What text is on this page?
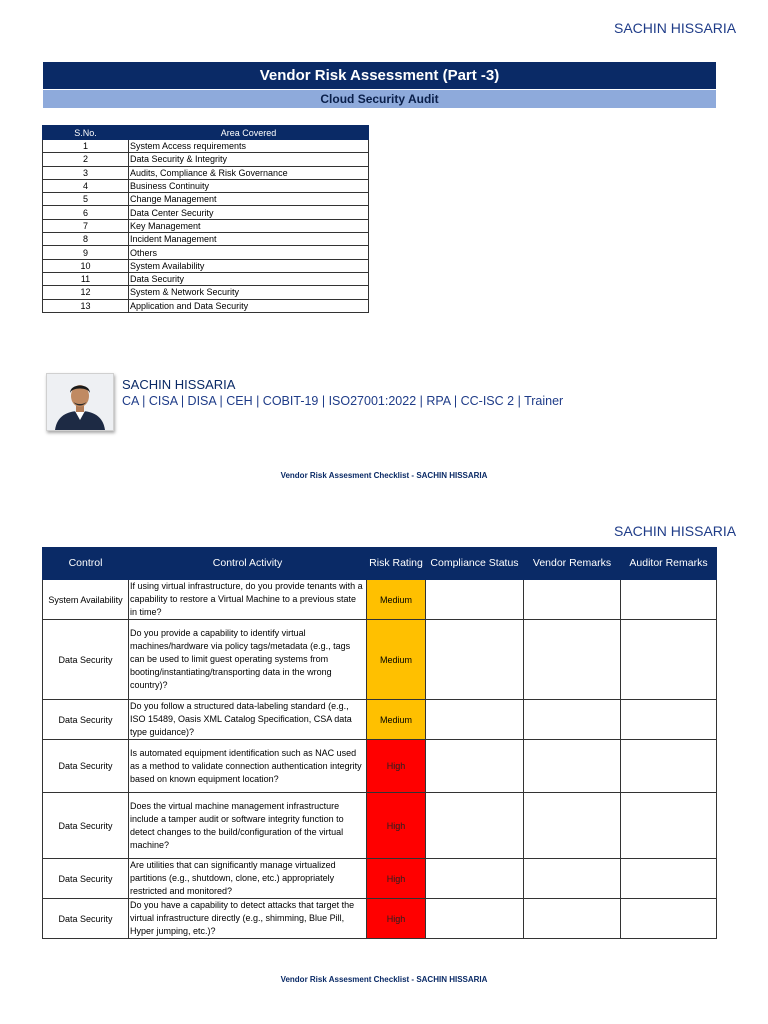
SACHIN HISSARIA
Vendor Risk Assessment (Part -3)
Cloud Security Audit
S.No.	Area Covered
1	System Access requirements
2	Data Security & Integrity
3	Audits, Compliance & Risk Governance
4	Business Continuity
5	Change Management
6	Data Center Security
7	Key Management
8	Incident Management
9	Others
10	System Availability
11	Data Security
12	System & Network Security
13	Application and Data Security
SACHIN HISSARIA
CA | CISA | DISA | CEH | COBIT-19 | ISO27001:2022 | RPA | CC-ISC 2 | Trainer
Vendor Risk Assesment Checklist - SACHIN HISSARIA
SACHIN HISSARIA
Control	Control Activity	Risk Rating	Compliance Status	Vendor Remarks	Auditor Remarks
System Availability	If using virtual infrastructure, do you provide tenants with a capability to restore a Virtual Machine to a previous state in time?	Medium			
Data Security	Do you provide a capability to identify virtual machines/hardware via policy tags/metadata (e.g., tags can be used to limit guest operating systems from booting/instantiating/transporting data in the wrong country)?	Medium			
Data Security	Do you follow a structured data-labeling standard (e.g., ISO 15489, Oasis XML Catalog Specification, CSA data type guidance)?	Medium			
Data Security	Is automated equipment identification such as NAC used as a method to validate connection authentication integrity based on known equipment location?	High			
Data Security	Does the virtual machine management infrastructure include a tamper audit or software integrity function to detect changes to the build/configuration of the virtual machine?	High			
Data Security	Are utilities that can significantly manage virtualized partitions (e.g., shutdown, clone, etc.) appropriately restricted and monitored?	High			
Data Security	Do you have a capability to detect attacks that target the virtual infrastructure directly (e.g., shimming, Blue Pill, Hyper jumping, etc.)?	High			
Vendor Risk Assesment Checklist - SACHIN HISSARIA
